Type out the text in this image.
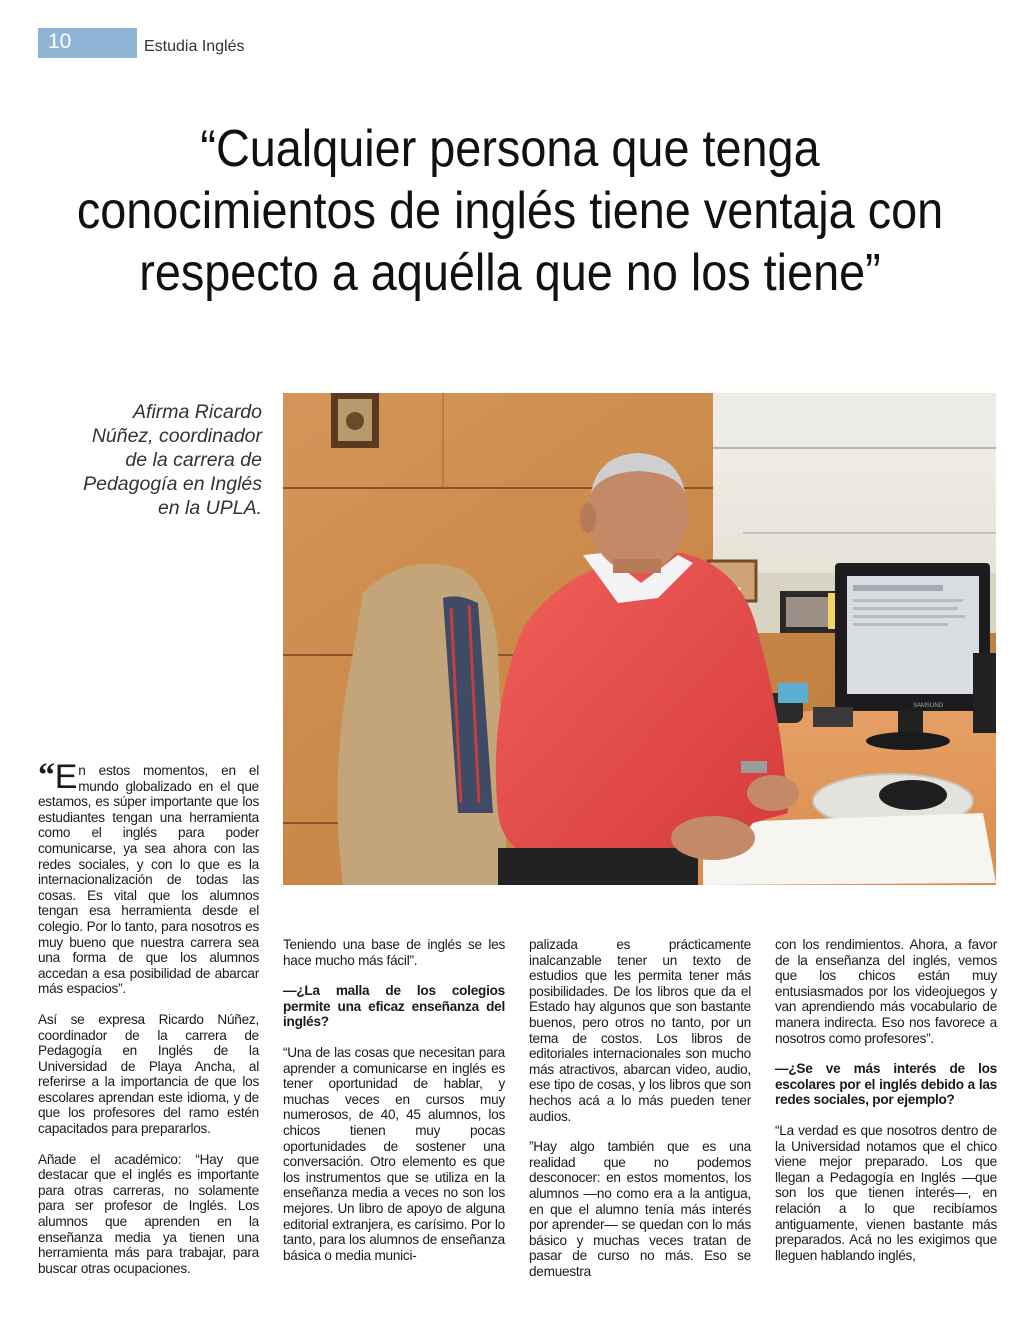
10	Estudia Inglés
“Cualquier persona que tenga
conocimientos de inglés tiene ventaja con
respecto a aquélla que no los tiene”
Afirma Ricardo
Núñez, coordinador
de la carrera de
Pedagogía en Inglés
en la UPLA.
SAMSUNG

“ E n estos momentos, en el mundo globalizado en el que estamos, es súper importante que los estudiantes tengan una herramienta como el inglés para poder comunicarse, ya sea ahora con las redes sociales, y con lo que es la internacionalización de todas las cosas. Es vital que los alumnos tengan esa herramienta desde el colegio. Por lo tanto, para nosotros es muy bueno que nuestra carrera sea una forma de que los alumnos accedan a esa posibilidad de abarcar más espacios”.

Así se expresa Ricardo Núñez, coordinador de la carrera de Pedagogía en Inglés de la Universidad de Playa Ancha, al referirse a la importancia de que los escolares aprendan este idioma, y de que los profesores del ramo estén capacitados para prepararlos.

Añade el académico: “Hay que destacar que el inglés es importante para otras carreras, no solamente para ser profesor de Inglés. Los alumnos que aprenden en la enseñanza media ya tienen una herramienta más para trabajar, para buscar otras ocupaciones.

Teniendo una base de inglés se les hace mucho más fácil”.

—¿La malla de los colegios permite una eficaz enseñanza del inglés?

“Una de las cosas que necesitan para aprender a comunicarse en inglés es tener oportunidad de hablar, y muchas veces en cursos muy numerosos, de 40, 45 alumnos, los chicos tienen muy pocas oportunidades de sostener una conversación. Otro elemento es que los instrumentos que se utiliza en la enseñanza media a veces no son los mejores. Un libro de apoyo de alguna editorial extranjera, es carísimo. Por lo tanto, para los alumnos de enseñanza básica o media munici-

palizada es prácticamente inalcanzable tener un texto de estudios que les permita tener más posibilidades. De los libros que da el Estado hay algunos que son bastante buenos, pero otros no tanto, por un tema de costos. Los libros de editoriales internacionales son mucho más atractivos, abarcan video, audio, ese tipo de cosas, y los libros que son hechos acá a lo más pueden tener audios.

”Hay algo también que es una realidad que no podemos desconocer: en estos momentos, los alumnos —no como era a la antigua, en que el alumno tenía más interés por aprender— se quedan con lo más básico y muchas veces tratan de pasar de curso no más. Eso se demuestra

con los rendimientos. Ahora, a favor de la enseñanza del inglés, vemos que los chicos están muy entusiasmados por los videojuegos y van aprendiendo más vocabulario de manera indirecta. Eso nos favorece a nosotros como profesores”.

—¿Se ve más interés de los escolares por el inglés debido a las redes sociales, por ejemplo?

“La verdad es que nosotros dentro de la Universidad notamos que el chico viene mejor preparado. Los que llegan a Pedagogía en Inglés —que son los que tienen interés—, en relación a lo que recibíamos antiguamente, vienen bastante más preparados. Acá no les exigimos que lleguen hablando inglés,
